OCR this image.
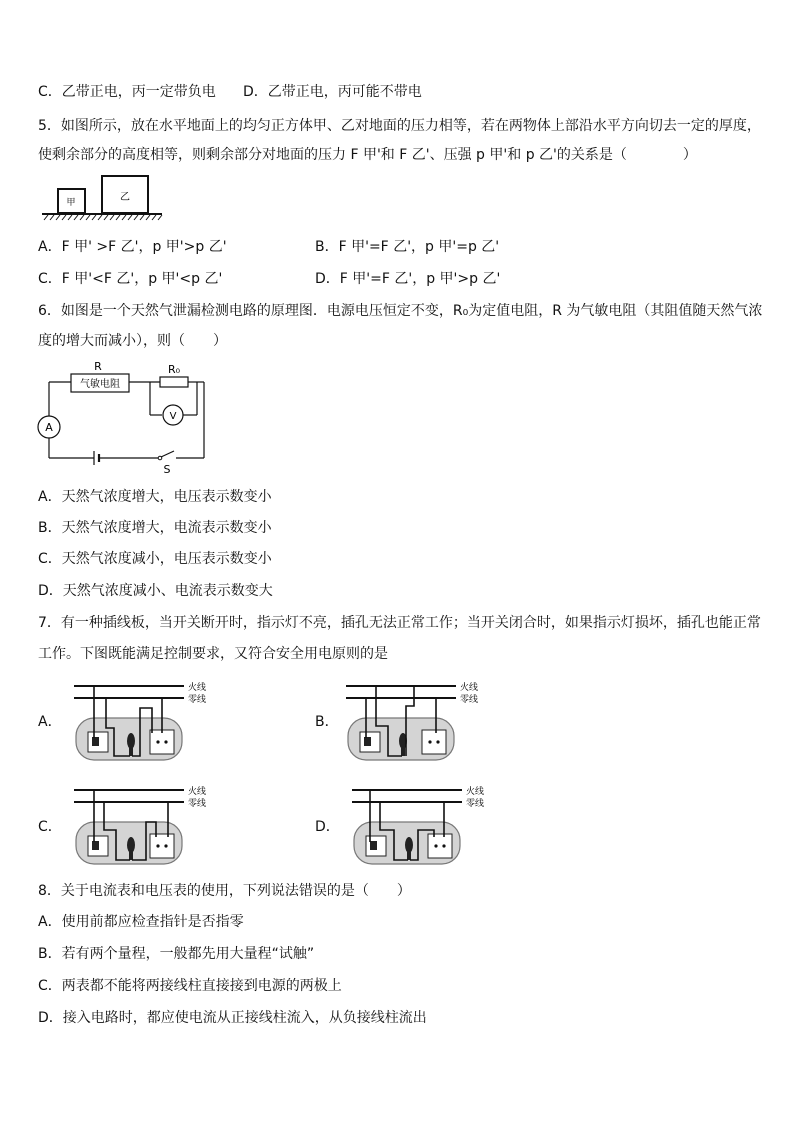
C．乙带正电，丙一定带负电 D．乙带正电，丙可能不带电
5．如图所示，放在水平地面上的均匀正方体甲、乙对地面的压力相等，若在两物体上部沿水平方向切去一定的厚度，
使剩余部分的高度相等，则剩余部分对地面的压力 F 甲'和 F 乙'、压强 p 甲'和 p 乙'的关系是（　　　　）
甲	乙
A．F 甲' >F 乙'，p 甲'>p 乙'	B．F 甲'=F 乙'，p 甲'=p 乙'
C．F 甲'<F 乙'，p 甲'<p 乙'	D．F 甲'=F 乙'，p 甲'>p 乙'
6．如图是一个天然气泄漏检测电路的原理图．电源电压恒定不变，R₀为定值电阻，R 为气敏电阻（其阻值随天然气浓
度的增大而减小），则（　　）
A
气敏电阻
R	R₀
V
S
A．天然气浓度增大，电压表示数变小
B．天然气浓度增大，电流表示数变小
C．天然气浓度减小，电压表示数变小
D．天然气浓度减小、电流表示数变大
7．有一种插线板，当开关断开时，指示灯不亮，插孔无法正常工作；当开关闭合时，如果指示灯损坏，插孔也能正常
工作。下图既能满足控制要求，又符合安全用电原则的是
A．
火线
零线
B．
火线
零线
C．
火线
零线
D．
火线
零线
8．关于电流表和电压表的使用，下列说法错误的是（　　）
A．使用前都应检查指针是否指零
B．若有两个量程，一般都先用大量程“试触”
C．两表都不能将两接线柱直接接到电源的两极上
D．接入电路时，都应使电流从正接线柱流入，从负接线柱流出
